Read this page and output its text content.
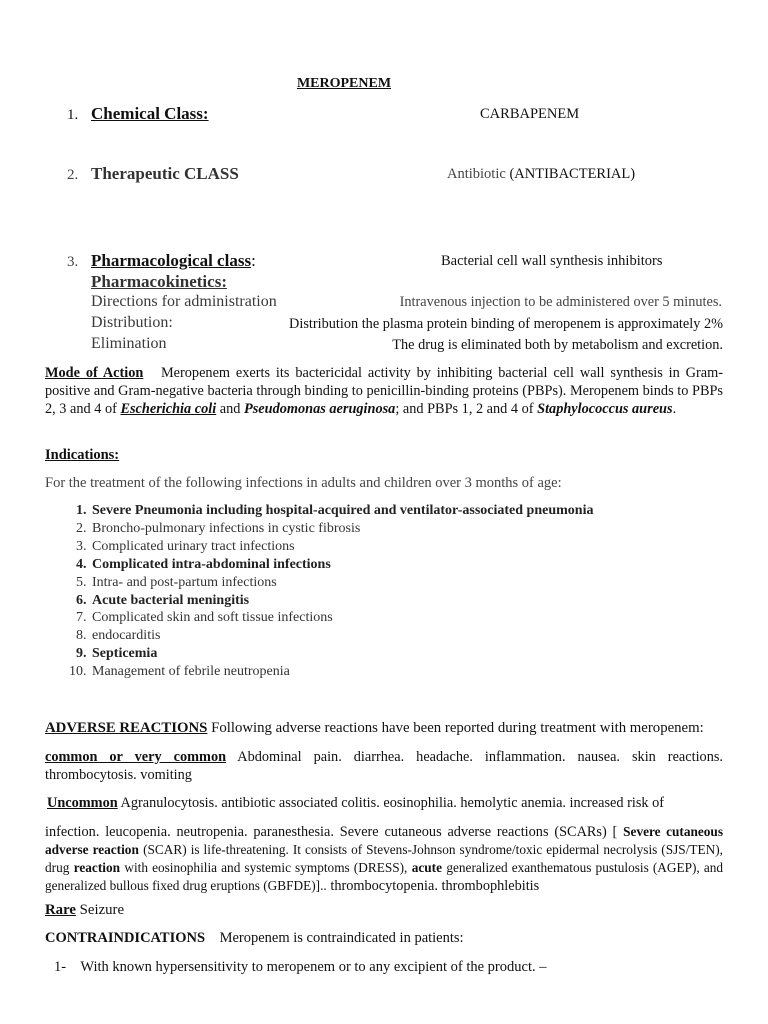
MEROPENEM
1. Chemical Class:	CARBAPENEM
2. Therapeutic CLASS	Antibiotic (ANTIBACTERIAL)
3. Pharmacological class:	Bacterial cell wall synthesis inhibitors
Pharmacokinetics:
Directions for administration	Intravenous injection to be administered over 5 minutes.
Distribution:	Distribution the plasma protein binding of meropenem is approximately 2%
Elimination	The drug is eliminated both by metabolism and excretion.
Mode of Action Meropenem exerts its bactericidal activity by inhibiting bacterial cell wall synthesis in Gram-positive and Gram-negative bacteria through binding to penicillin-binding proteins (PBPs). Meropenem binds to PBPs 2, 3 and 4 of Escherichia coli and Pseudomonas aeruginosa; and PBPs 1, 2 and 4 of Staphylococcus aureus.
Indications:
For the treatment of the following infections in adults and children over 3 months of age:
1. Severe Pneumonia including hospital-acquired and ventilator-associated pneumonia
2. Broncho-pulmonary infections in cystic fibrosis
3. Complicated urinary tract infections
4. Complicated intra-abdominal infections
5. Intra- and post-partum infections
6. Acute bacterial meningitis
7. Complicated skin and soft tissue infections
8. endocarditis
9. Septicemia
10. Management of febrile neutropenia
ADVERSE REACTIONS Following adverse reactions have been reported during treatment with meropenem:
common or very common Abdominal pain. diarrhea. headache. inflammation. nausea. skin reactions. thrombocytosis. vomiting
Uncommon Agranulocytosis. antibiotic associated colitis. eosinophilia. hemolytic anemia. increased risk of
infection. leucopenia. neutropenia. paranesthesia. Severe cutaneous adverse reactions (SCARs) [ Severe cutaneous adverse reaction (SCAR) is life-threatening. It consists of Stevens-Johnson syndrome/toxic epidermal necrolysis (SJS/TEN), drug reaction with eosinophilia and systemic symptoms (DRESS), acute generalized exanthematous pustulosis (AGEP), and generalized bullous fixed drug eruptions (GBFDE)].. thrombocytopenia. thrombophlebitis
Rare Seizure
CONTRAINDICATIONS Meropenem is contraindicated in patients:
1- With known hypersensitivity to meropenem or to any excipient of the product. –
